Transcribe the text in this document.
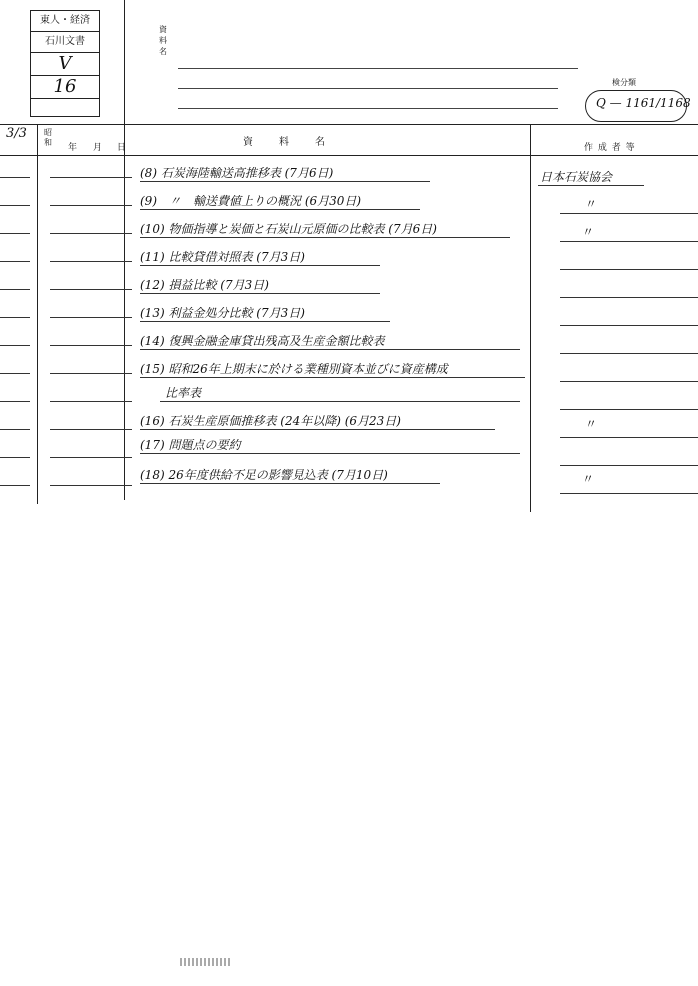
東人・経済
石川文書
V
16
資
料
名
検分類
Q — 1161/1168
3/3 昭和
年 月 日	資　　料　　名	作 成 者 等
(8) 石炭海陸輸送高推移表 (7月6日)	日本石炭協会
(9)　〃　輸送費値上りの概況 (6月30日)	〃
(10) 物価指導と炭価と石炭山元原価の比較表 (7月6日)	〃
(11) 比較貸借対照表 (7月3日)
(12) 損益比較 (7月3日)
(13) 利益金処分比較 (7月3日)
(14) 復興金融金庫貸出残高及生産金額比較表
(15) 昭和26年上期末に於ける業種別資本並びに資産構成
比率表
(16) 石炭生産原価推移表 (24年以降) (6月23日)	〃
(17) 問題点の要約
(18) 26年度供給不足の影響見込表 (7月10日)	〃
